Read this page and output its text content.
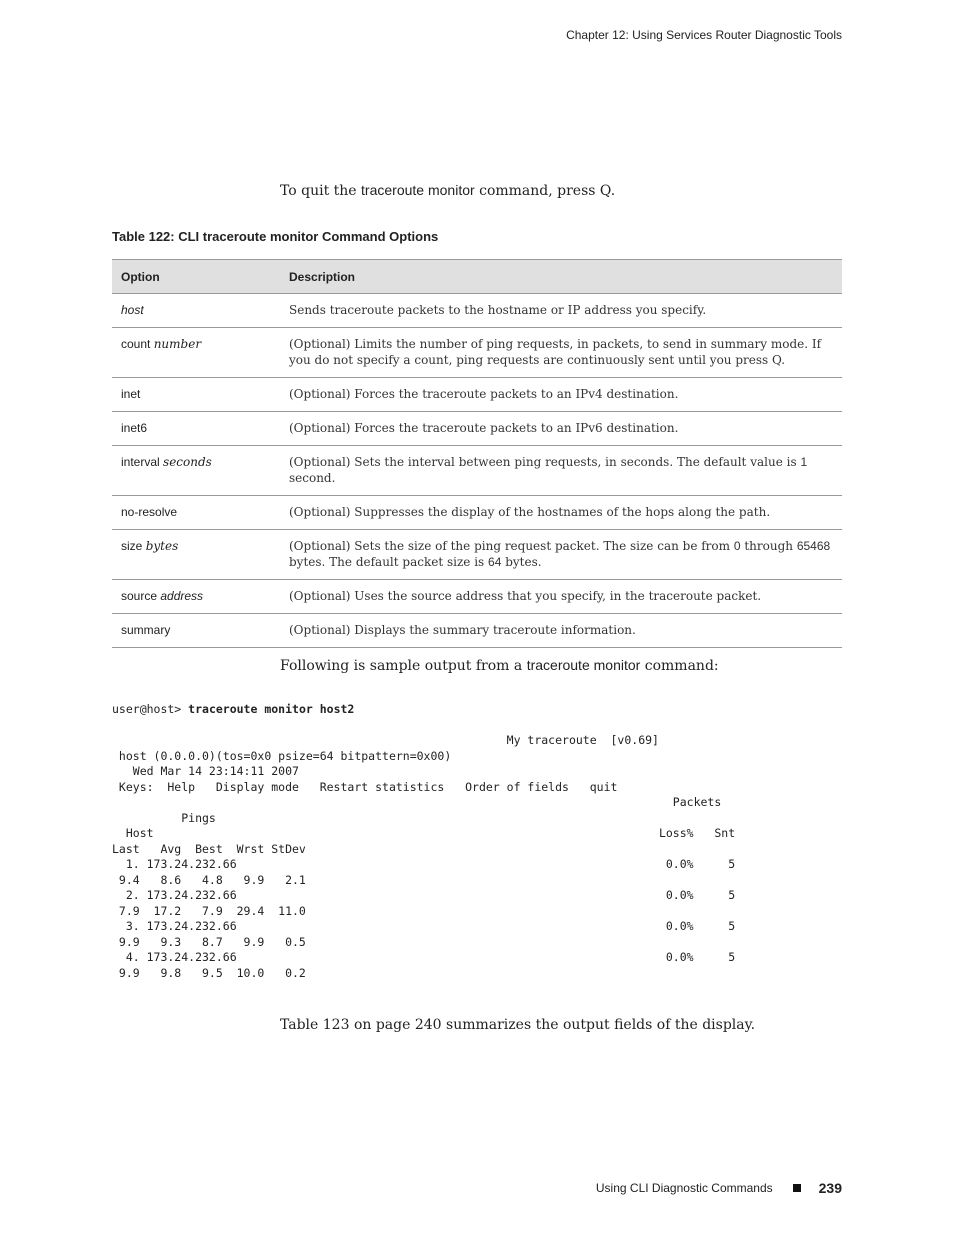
Chapter 12: Using Services Router Diagnostic Tools
To quit the traceroute monitor command, press Q.
Table 122: CLI traceroute monitor Command Options
Option	Description
host	Sends traceroute packets to the hostname or IP address you specify.
count number	(Optional) Limits the number of ping requests, in packets, to send in summary mode. If you do not specify a count, ping requests are continuously sent until you press Q.
inet	(Optional) Forces the traceroute packets to an IPv4 destination.
inet6	(Optional) Forces the traceroute packets to an IPv6 destination.
interval seconds	(Optional) Sets the interval between ping requests, in seconds. The default value is 1 second.
no-resolve	(Optional) Suppresses the display of the hostnames of the hops along the path.
size bytes	(Optional) Sets the size of the ping request packet. The size can be from 0 through 65468 bytes. The default packet size is 64 bytes.
source address	(Optional) Uses the source address that you specify, in the traceroute packet.
summary	(Optional) Displays the summary traceroute information.
Following is sample output from a traceroute monitor command:
user@host> traceroute monitor host2
My traceroute  [v0.69]
host (0.0.0.0)(tos=0x0 psize=64 bitpattern=0x00)
Wed Mar 14 23:14:11 2007
Keys:  Help   Display mode   Restart statistics   Order of fields   quit
Packets
Pings
Host                                                                         Loss%   Snt
Last   Avg  Best  Wrst StDev
1. 173.24.232.66                                                              0.0%     5
9.4   8.6   4.8   9.9   2.1
2. 173.24.232.66                                                              0.0%     5
7.9  17.2   7.9  29.4  11.0
3. 173.24.232.66                                                              0.0%     5
9.9   9.3   8.7   9.9   0.5
4. 173.24.232.66                                                              0.0%     5
9.9   9.8   9.5  10.0   0.2
Table 123 on page 240 summarizes the output fields of the display.
Using CLI Diagnostic Commands	239
